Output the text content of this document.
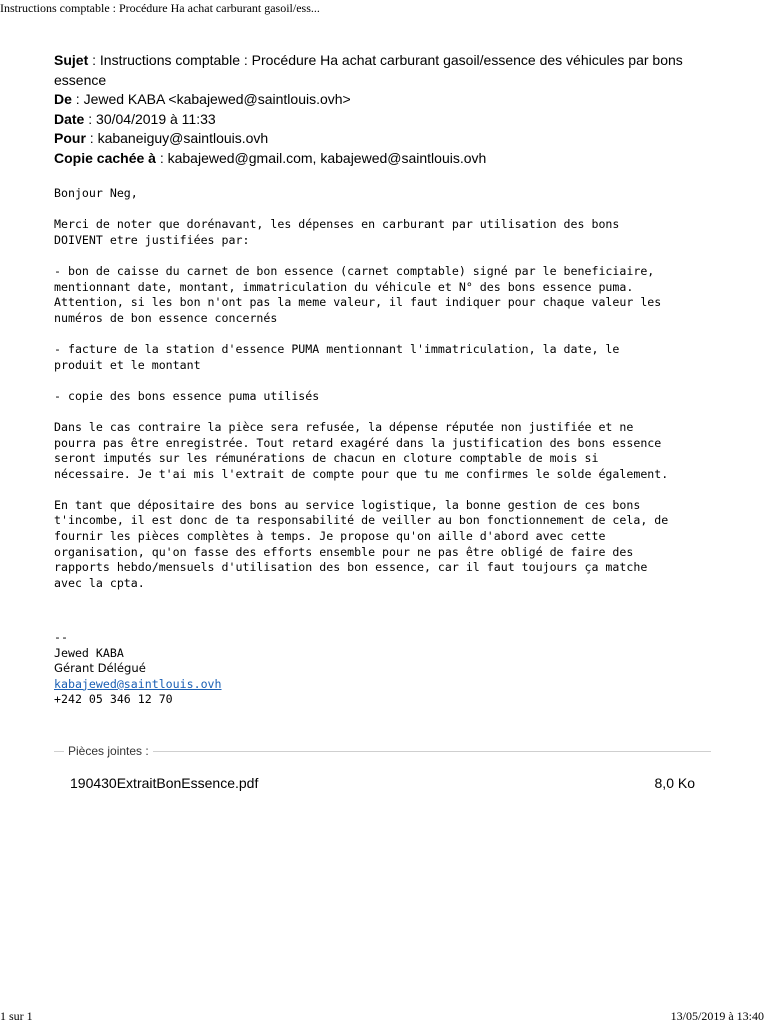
Instructions comptable : Procédure Ha achat carburant gasoil/ess...
Sujet : Instructions comptable : Procédure Ha achat carburant gasoil/essence des véhicules par bons essence
De : Jewed KABA <kabajewed@saintlouis.ovh>
Date : 30/04/2019 à 11:33
Pour : kabaneiguy@saintlouis.ovh
Copie cachée à : kabajewed@gmail.com, kabajewed@saintlouis.ovh
Bonjour Neg,
Merci de noter que dorénavant, les dépenses en carburant par utilisation des bons
DOIVENT etre justifiées par:
- bon de caisse du carnet de bon essence (carnet comptable) signé par le beneficiaire,
mentionnant date, montant, immatriculation du véhicule et N° des bons essence puma.
Attention, si les bon n'ont pas la meme valeur, il faut indiquer pour chaque valeur les
numéros de bon essence concernés
- facture de la station d'essence PUMA mentionnant l'immatriculation, la date, le
produit et le montant
- copie des bons essence puma utilisés
Dans le cas contraire la pièce sera refusée, la dépense réputée non justifiée et ne
pourra pas être enregistrée. Tout retard exagéré dans la justification des bons essence
seront imputés sur les rémunérations de chacun en cloture comptable de mois si
nécessaire. Je t'ai mis l'extrait de compte pour que tu me confirmes le solde également.
En tant que dépositaire des bons au service logistique, la bonne gestion de ces bons
t'incombe, il est donc de ta responsabilité de veiller au bon fonctionnement de cela, de
fournir les pièces complètes à temps. Je propose qu'on aille d'abord avec cette
organisation, qu'on fasse des efforts ensemble pour ne pas être obligé de faire des
rapports hebdo/mensuels d'utilisation des bon essence, car il faut toujours ça matche
avec la cpta.
--
Jewed KABA
Gérant Délégué
kabajewed@saintlouis.ovh
+242 05 346 12 70
Pièces jointes :
190430ExtraitBonEssence.pdf	8,0 Ko
1 sur 1	13/05/2019 à 13:40
